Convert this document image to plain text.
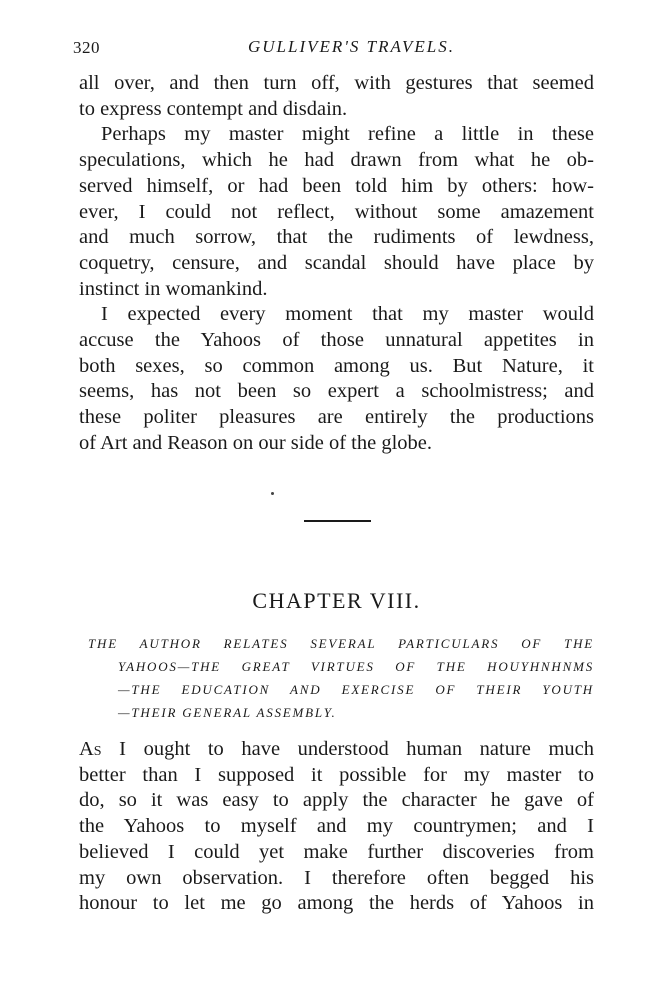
320	GULLIVER'S TRAVELS.

all over, and then turn off, with gestures that seemed
to express contempt and disdain.

Perhaps my master might refine a little in these
speculations, which he had drawn from what he ob-
served himself, or had been told him by others: how-
ever, I could not reflect, without some amazement
and much sorrow, that the rudiments of lewdness,
coquetry, censure, and scandal should have place by
instinct in womankind.

I expected every moment that my master would
accuse the Yahoos of those unnatural appetites in
both sexes, so common among us. But Nature, it
seems, has not been so expert a schoolmistress; and
these politer pleasures are entirely the productions
of Art and Reason on our side of the globe.

CHAPTER VIII.
THE AUTHOR RELATES SEVERAL PARTICULARS OF THE
YAHOOS—THE GREAT VIRTUES OF THE HOUYHNHNMS
—THE EDUCATION AND EXERCISE OF THEIR YOUTH
—THEIR GENERAL ASSEMBLY.
As I ought to have understood human nature much
better than I supposed it possible for my master to
do, so it was easy to apply the character he gave of
the Yahoos to myself and my countrymen; and I
believed I could yet make further discoveries from
my own observation. I therefore often begged his
honour to let me go among the herds of Yahoos in
